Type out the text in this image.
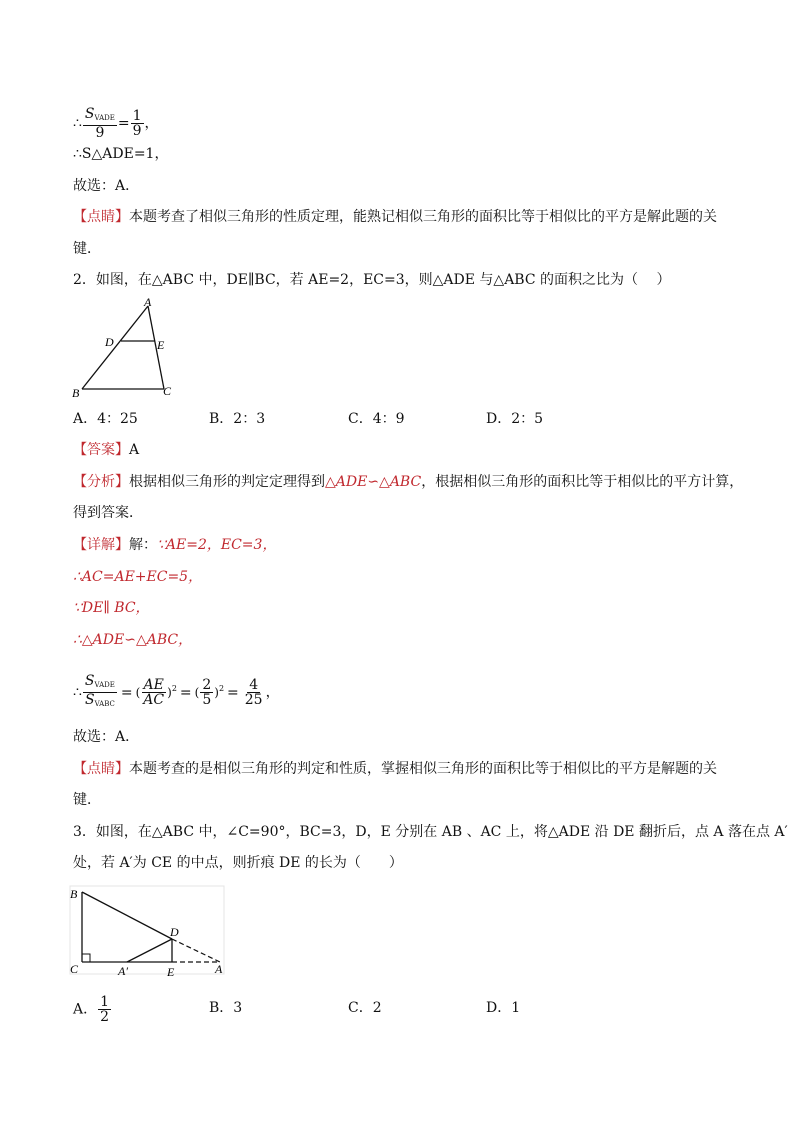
∴ $\frac{S_{VADE}}{9} = \frac{1}{9}$ ，
∴S△ADE=1，
故选：A．
【点睛】本题考查了相似三角形的性质定理，能熟记相似三角形的面积比等于相似比的平方是解此题的关
键．
2．如图，在△ABC 中，DE∥BC，若 AE=2，EC=3，则△ADE 与△ABC 的面积之比为（　 ）
A
B	C
D	E
A．4：25	B．2：3	C．4：9	D．2：5
【答案】A
【分析】根据相似三角形的判定定理得到△ADE∽△ABC，根据相似三角形的面积比等于相似比的平方计算，
得到答案．
【详解】解：∵AE=2，EC=3，
∴AC=AE+EC=5，
∵DE∥ BC，
∴△ADE∽△ABC，
∴ $\frac{S_{VADE}}{S_{VABC}}$ = ( $\frac{AE}{AC} )^2$ = ( $\frac{2}{5} )^2 = \frac{4}{25}$ ，
故选：A．
【点睛】本题考查的是相似三角形的判定和性质，掌握相似三角形的面积比等于相似比的平方是解题的关
键．
3．如图，在△ABC 中，∠C=90°，BC=3，D，E 分别在 AB 、AC 上，将△ADE 沿 DE 翻折后，点 A 落在点 A′
处，若 A′为 CE 的中点，则折痕 DE 的长为（　　）
B
C
D
A′	E	A
A． $\frac{1}{2}$	B．3	C．2	D．1
